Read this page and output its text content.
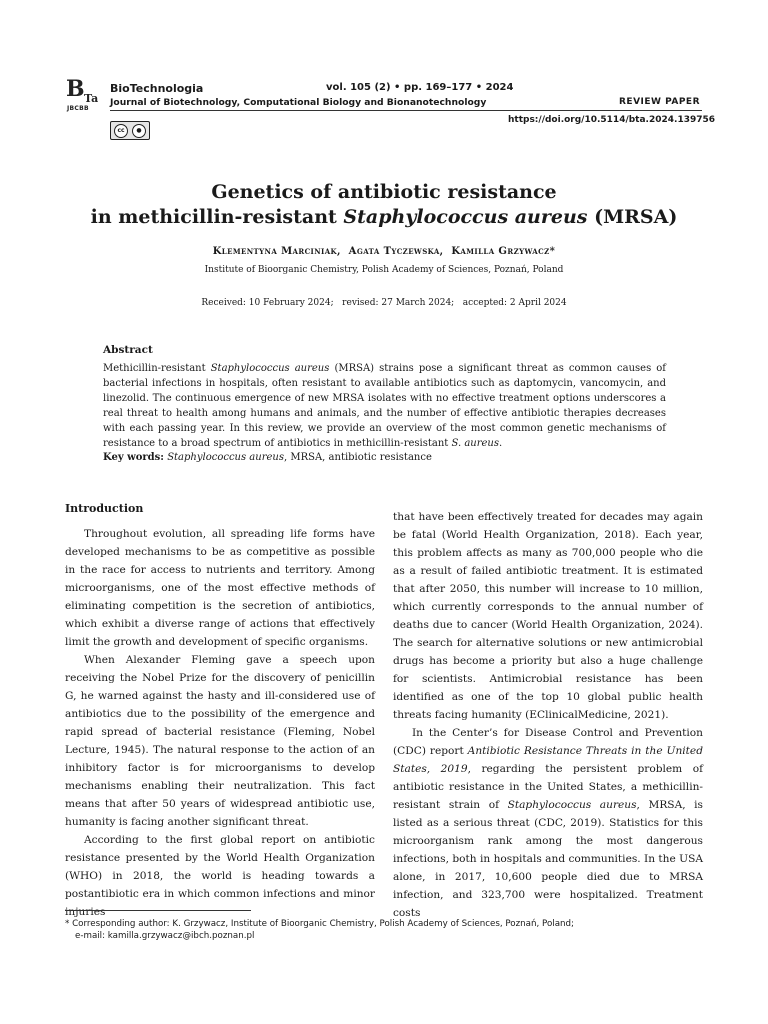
B Ta
JBCBB
BioTechnologia	vol. 105 (2) • pp. 169–177 • 2024
Journal of Biotechnology, Computational Biology and Bionanotechnology	REVIEW PAPER
https://doi.org/10.5114/bta.2024.139756
cc	●
Genetics of antibiotic resistance
in methicillin-resistant Staphylococcus aureus (MRSA)
Klementyna Marciniak, Agata Tyczewska, Kamilla Grzywacz*
Institute of Bioorganic Chemistry, Polish Academy of Sciences, Poznań, Poland
Received: 10 February 2024;   revised: 27 March 2024;   accepted: 2 April 2024
Abstract
Methicillin-resistant Staphylococcus aureus (MRSA) strains pose a significant threat as common causes of bacterial infections in hospitals, often resistant to available antibiotics such as daptomycin, vancomycin, and linezolid. The continuous emergence of new MRSA isolates with no effective treatment options underscores a real threat to health among humans and animals, and the number of effective antibiotic therapies decreases with each passing year. In this review, we provide an overview of the most common genetic mechanisms of resistance to a broad spectrum of antibiotics in methicillin-resistant S. aureus.
Key words: Staphylococcus aureus, MRSA, antibiotic resistance
Introduction

Throughout evolution, all spreading life forms have developed mechanisms to be as competitive as possible in the race for access to nutrients and territory. Among microorganisms, one of the most effective methods of eliminating competition is the secretion of antibiotics, which exhibit a diverse range of actions that effectively limit the growth and development of specific organisms.

When Alexander Fleming gave a speech upon receiving the Nobel Prize for the discovery of penicillin G, he warned against the hasty and ill-considered use of antibiotics due to the possibility of the emergence and rapid spread of bacterial resistance (Fleming, Nobel Lecture, 1945). The natural response to the action of an inhibitory factor is for microorganisms to develop mechanisms enabling their neutralization. This fact means that after 50 years of widespread antibiotic use, humanity is facing another significant threat.

According to the first global report on antibiotic resistance presented by the World Health Organization (WHO) in 2018, the world is heading towards a postantibiotic era in which common infections and minor injuries

that have been effectively treated for decades may again be fatal (World Health Organization, 2018). Each year, this problem affects as many as 700,000 people who die as a result of failed antibiotic treatment. It is estimated that after 2050, this number will increase to 10 million, which currently corresponds to the annual number of deaths due to cancer (World Health Organization, 2024). The search for alternative solutions or new antimicrobial drugs has become a priority but also a huge challenge for scientists. Antimicrobial resistance has been identified as one of the top 10 global public health threats facing humanity (EClinicalMedicine, 2021).

In the Center’s for Disease Control and Prevention (CDC) report Antibiotic Resistance Threats in the United States, 2019, regarding the persistent problem of antibiotic resistance in the United States, a methicillin-resistant strain of Staphylococcus aureus, MRSA, is listed as a serious threat (CDC, 2019). Statistics for this microorganism rank among the most dangerous infections, both in hospitals and communities. In the USA alone, in 2017, 10,600 people died due to MRSA infection, and 323,700 were hospitalized. Treatment costs

* Corresponding author: K. Grzywacz, Institute of Bioorganic Chemistry, Polish Academy of Sciences, Poznań, Poland;
e-mail: kamilla.grzywacz@ibch.poznan.pl
